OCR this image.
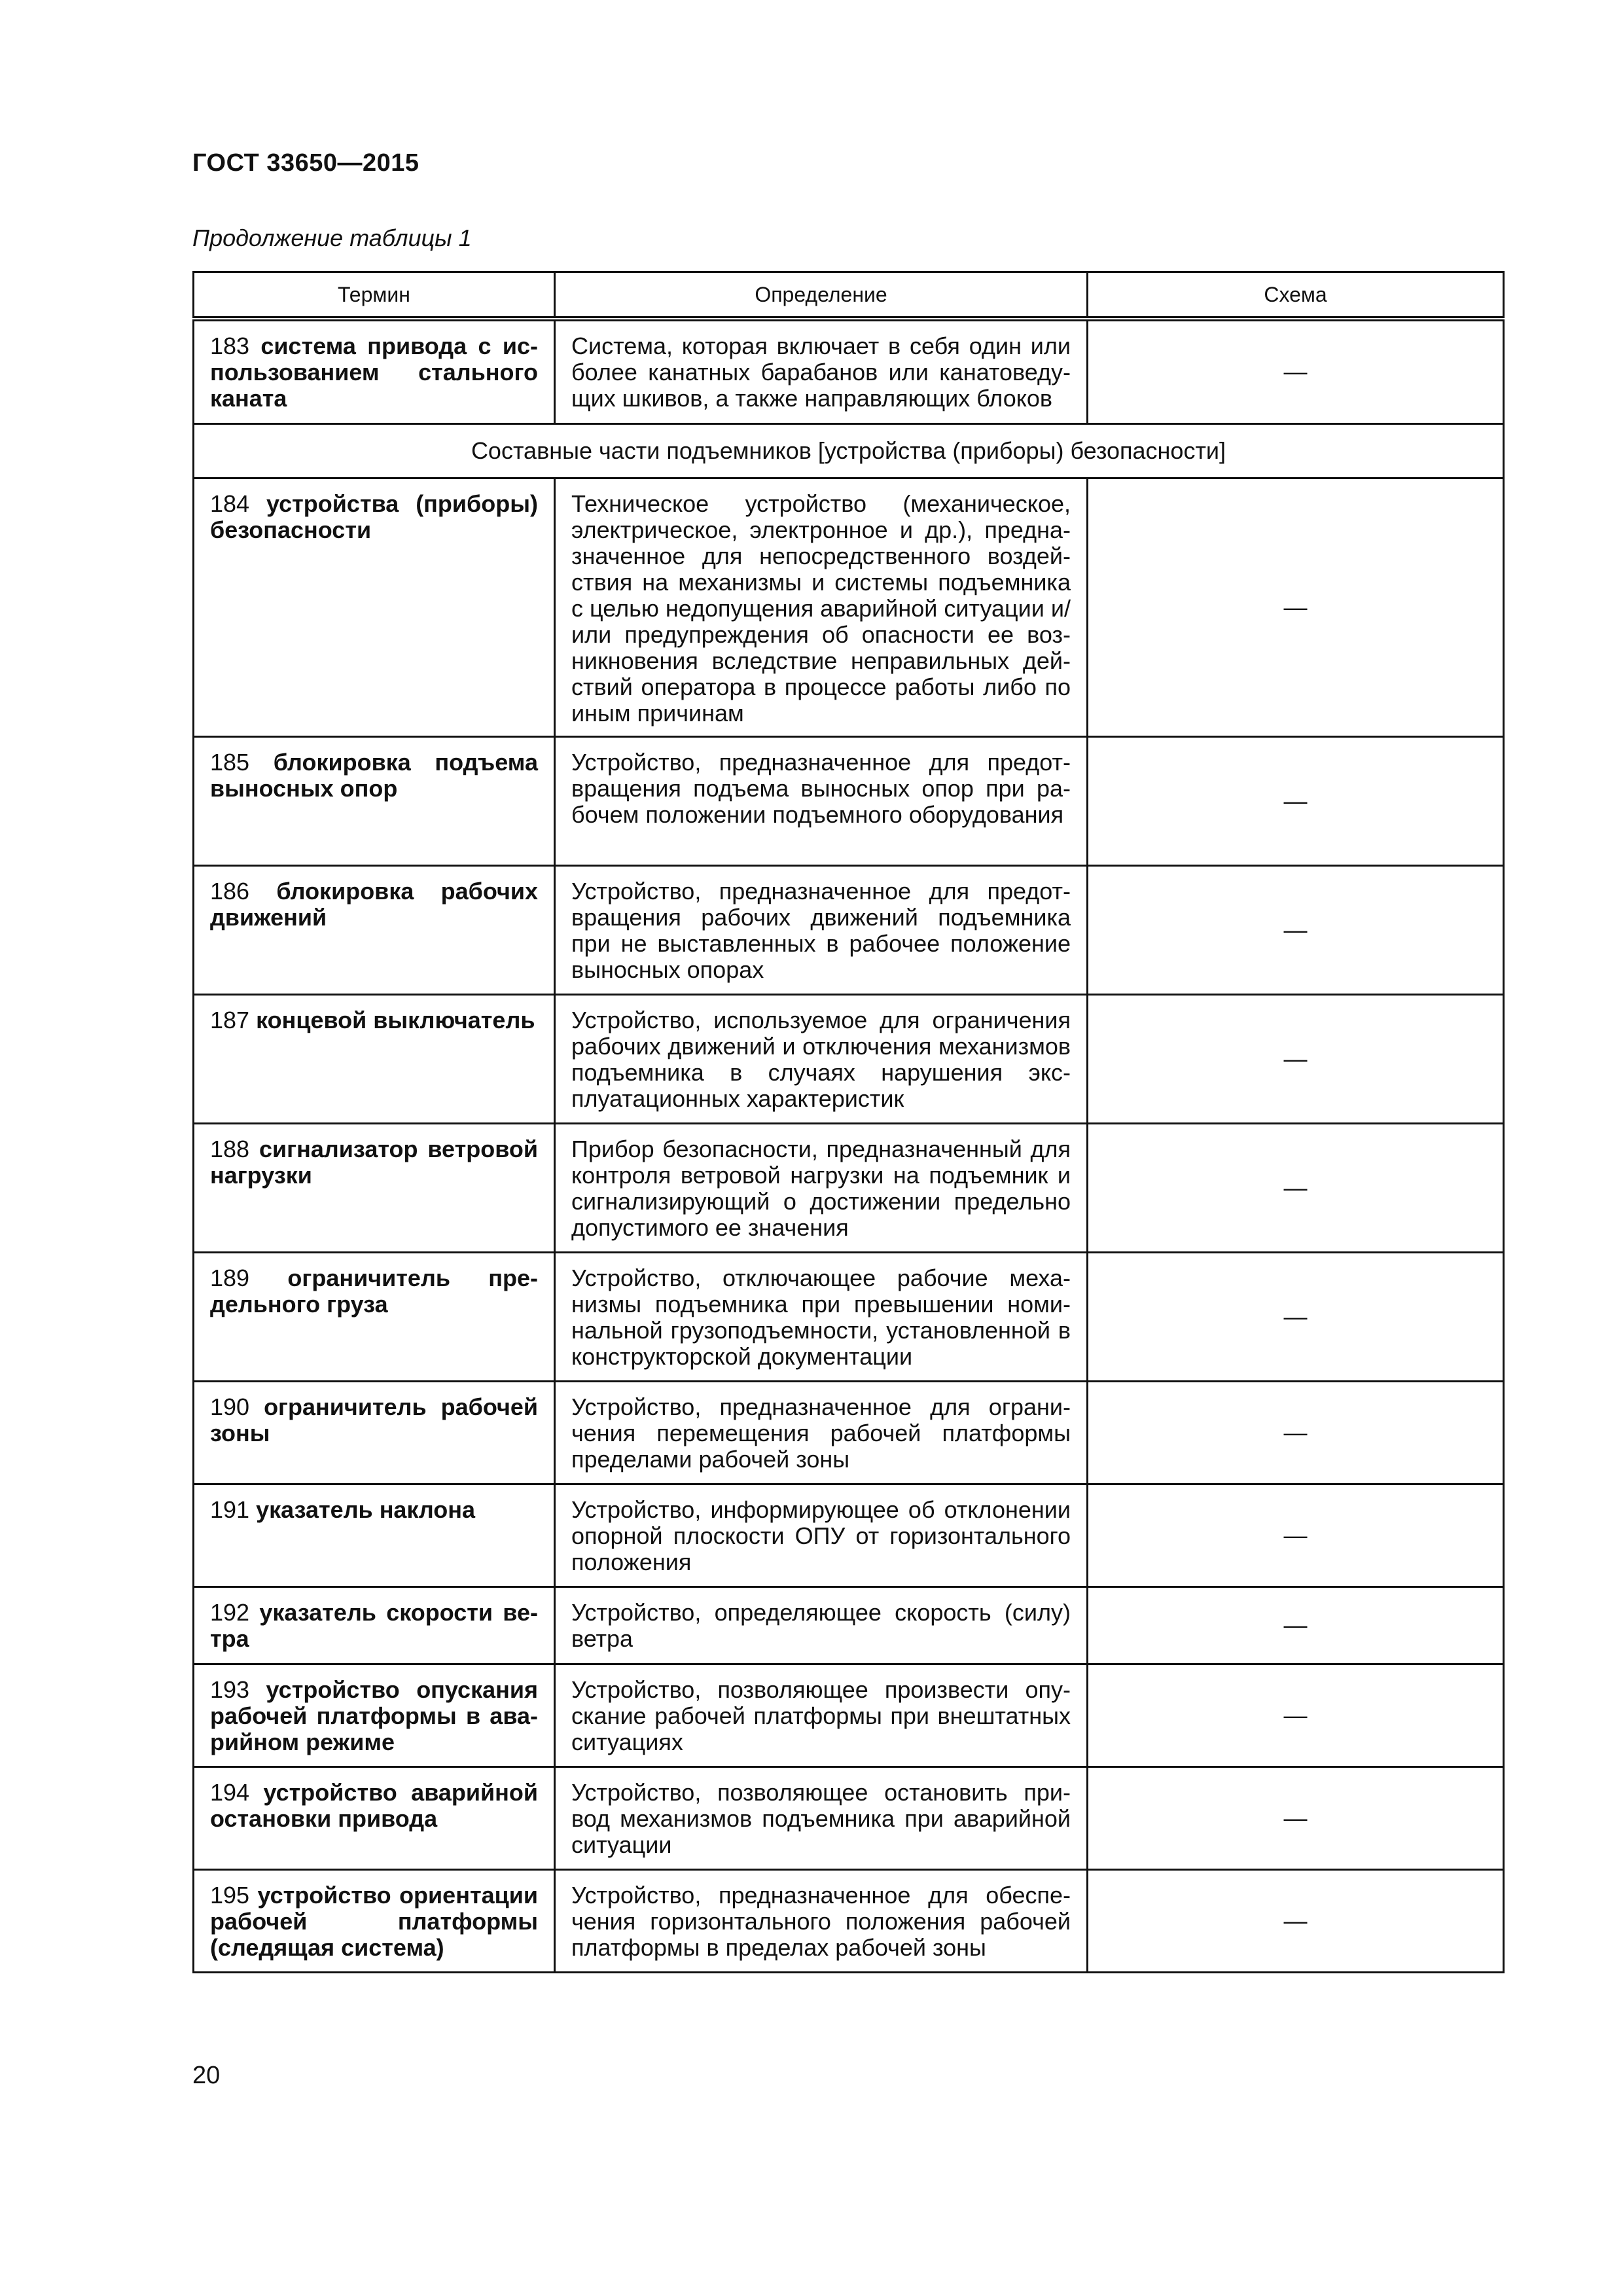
ГОСТ 33650—2015
Продолжение таблицы 1
Термин	Определение	Схема
183 система привода с использованием стального каната	Система, которая включает в себя один или более канатных барабанов или канатоведущих шкивов, а также направляющих блоков	—
Составные части подъемников [устройства (приборы) безопасности]		
184 устройства (приборы) безопасности	Техническое устройство (механическое, электрическое, электронное и др.), предназначенное для непосредственного воздействия на механизмы и системы подъемника с целью недопущения аварийной ситуации и/или предупреждения об опасности ее возникновения вследствие неправильных действий оператора в процессе работы либо по иным причинам	—
185 блокировка подъема выносных опор	Устройство, предназначенное для предотвращения подъема выносных опор при рабочем положении подъемного оборудования	—
186 блокировка рабочих движений	Устройство, предназначенное для предотвращения рабочих движений подъемника при не выставленных в рабочее положение выносных опорах	—
187 концевой выключатель	Устройство, используемое для ограничения рабочих движений и отключения механизмов подъемника в случаях нарушения эксплуатационных характеристик	—
188 сигнализатор ветровой нагрузки	Прибор безопасности, предназначенный для контроля ветровой нагрузки на подъемник и сигнализирующий о достижении предельно допустимого ее значения	—
189 ограничитель предельного груза	Устройство, отключающее рабочие механизмы подъемника при превышении номинальной грузоподъемности, установленной в конструкторской документации	—
190 ограничитель рабочей зоны	Устройство, предназначенное для ограничения перемещения рабочей платформы пределами рабочей зоны	—
191 указатель наклона	Устройство, информирующее об отклонении опорной плоскости ОПУ от горизонтального положения	—
192 указатель скорости ветра	Устройство, определяющее скорость (силу) ветра	—
193 устройство опускания рабочей платформы в аварийном режиме	Устройство, позволяющее произвести опускание рабочей платформы при внештатных ситуациях	—
194 устройство аварийной остановки привода	Устройство, позволяющее остановить привод механизмов подъемника при аварийной ситуации	—
195 устройство ориентации рабочей платформы (следящая система)	Устройство, предназначенное для обеспечения горизонтального положения рабочей платформы в пределах рабочей зоны	—
20
